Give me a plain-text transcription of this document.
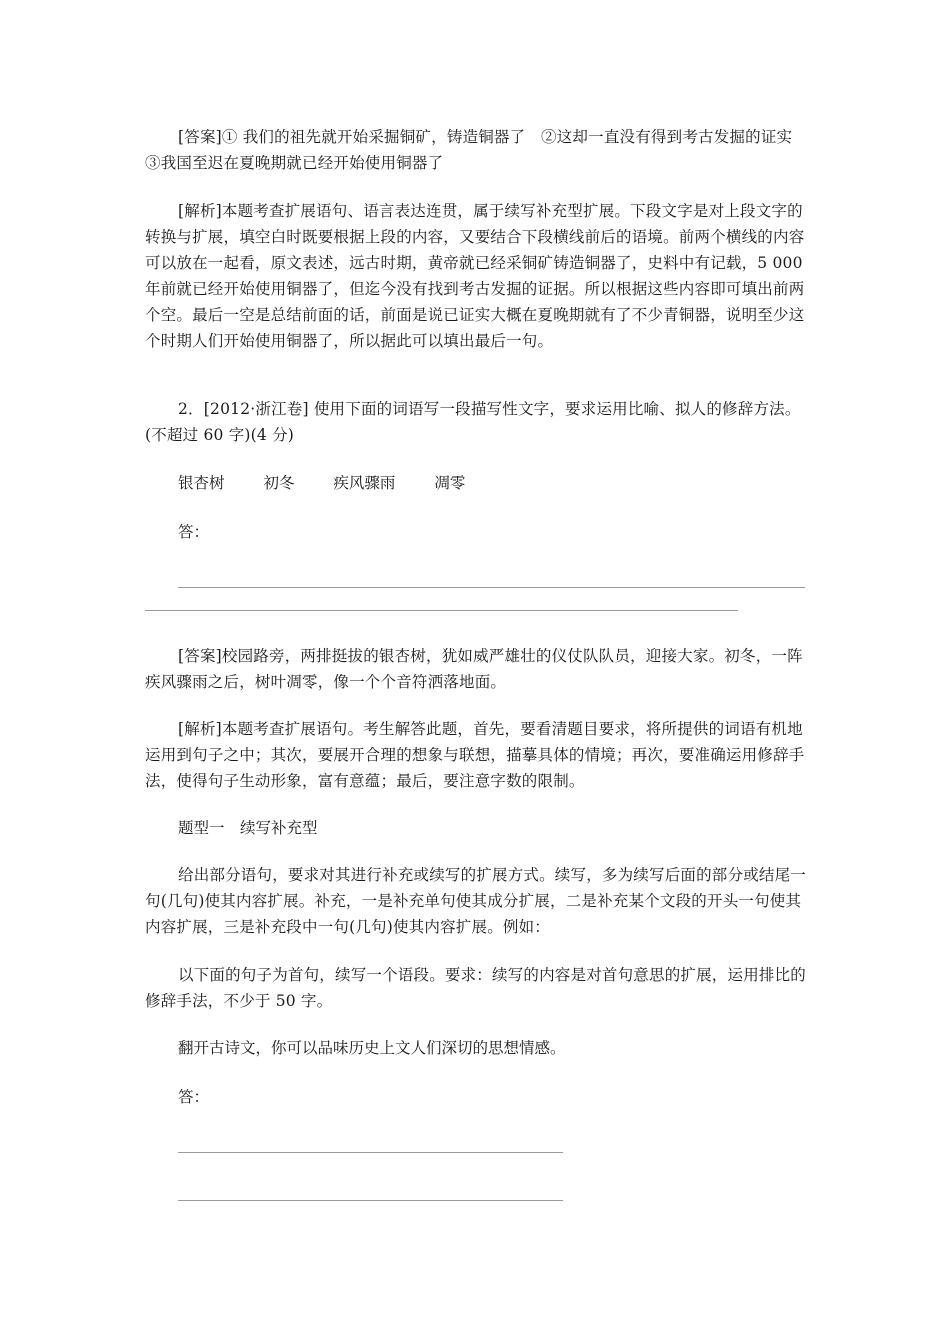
[答案]① 我们的祖先就开始采掘铜矿，铸造铜器了　②这却一直没有得到考古发掘的证实　③我国至迟在夏晚期就已经开始使用铜器了

[解析]本题考查扩展语句、语言表达连贯，属于续写补充型扩展。下段文字是对上段文字的转换与扩展，填空白时既要根据上段的内容，又要结合下段横线前后的语境。前两个横线的内容可以放在一起看，原文表述，远古时期，黄帝就已经采铜矿铸造铜器了，史料中有记载，5 000 年前就已经开始使用铜器了，但迄今没有找到考古发掘的证据。所以根据这些内容即可填出前两个空。最后一空是总结前面的话，前面是说已证实大概在夏晚期就有了不少青铜器，说明至少这个时期人们开始使用铜器了，所以据此可以填出最后一句。

2．[2012·浙江卷] 使用下面的词语写一段描写性文字，要求运用比喻、拟人的修辞方法。(不超过 60 字)(4 分)

银杏树	初冬	疾风骤雨	凋零

答：

[答案]校园路旁，两排挺拔的银杏树，犹如威严雄壮的仪仗队队员，迎接大家。初冬，一阵疾风骤雨之后，树叶凋零，像一个个音符洒落地面。

[解析]本题考查扩展语句。考生解答此题，首先，要看清题目要求，将所提供的词语有机地运用到句子之中；其次，要展开合理的想象与联想，描摹具体的情境；再次，要准确运用修辞手法，使得句子生动形象，富有意蕴；最后，要注意字数的限制。

题型一　续写补充型

给出部分语句，要求对其进行补充或续写的扩展方式。续写，多为续写后面的部分或结尾一句(几句)使其内容扩展。补充，一是补充单句使其成分扩展，二是补充某个文段的开头一句使其内容扩展，三是补充段中一句(几句)使其内容扩展。例如：

以下面的句子为首句，续写一个语段。要求：续写的内容是对首句意思的扩展，运用排比的修辞手法，不少于 50 字。

翻开古诗文，你可以品味历史上文人们深切的思想情感。

答：
